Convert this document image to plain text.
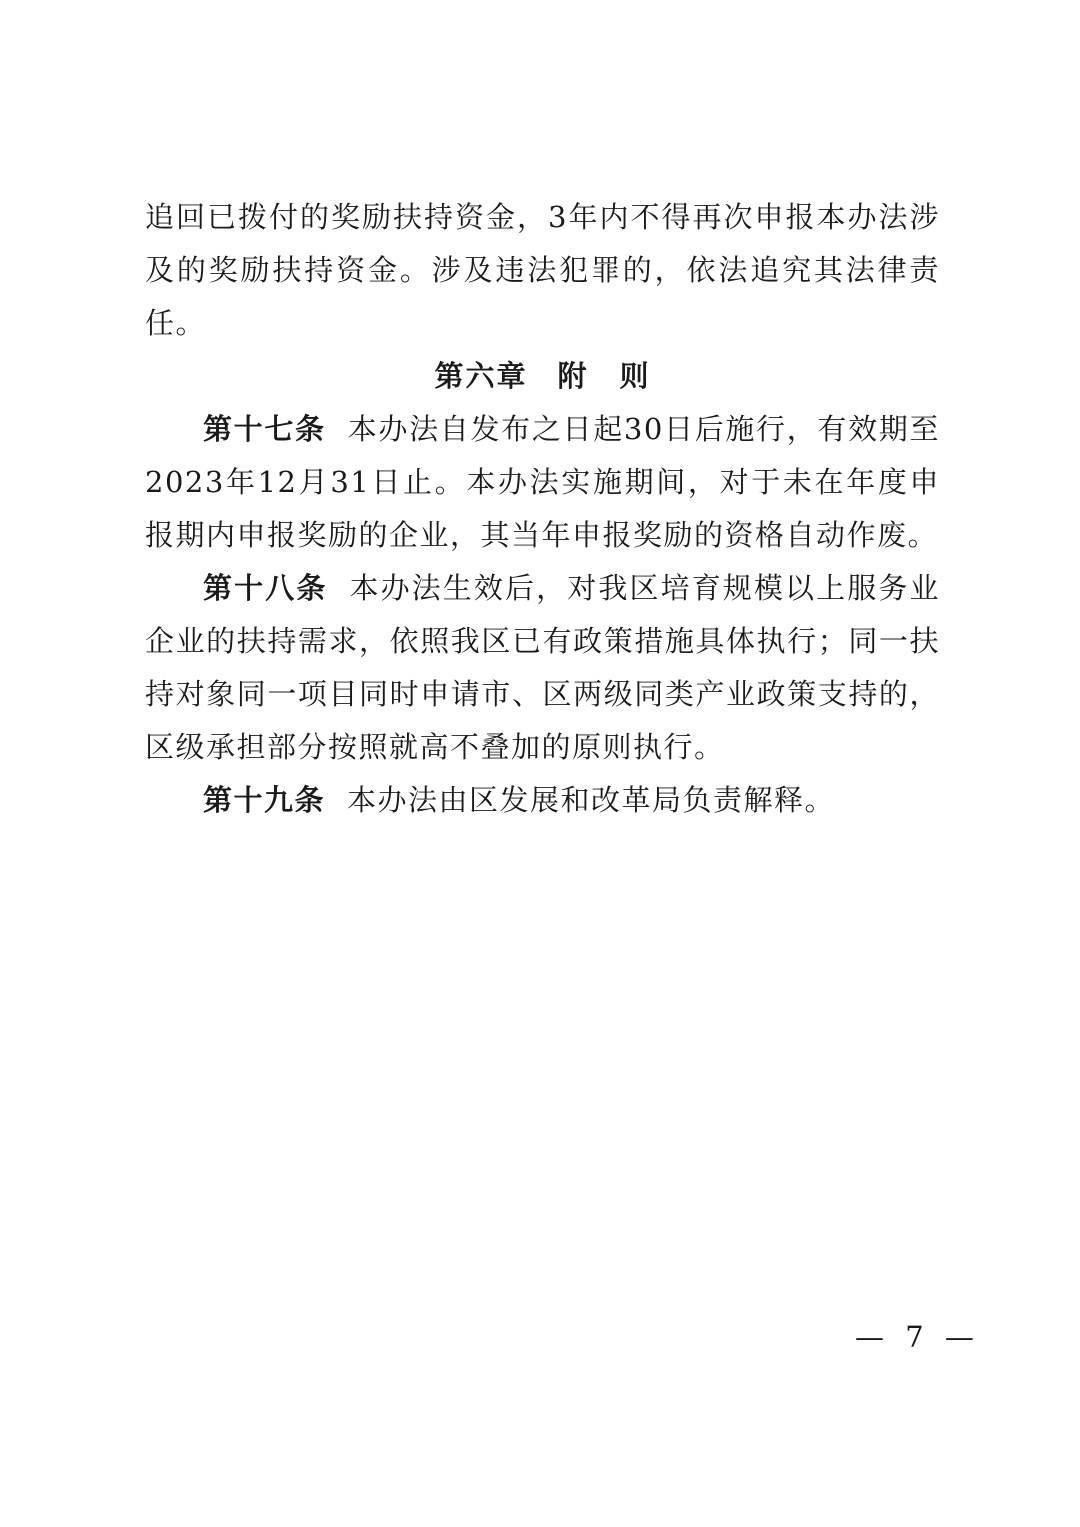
追回已拨付的奖励扶持资金，3年内不得再次申报本办法涉及的奖励扶持资金。涉及违法犯罪的，依法追究其法律责任。

第六章 附　则

第十七条 本办法自发布之日起30日后施行，有效期至2023年12月31日止。本办法实施期间，对于未在年度申报期内申报奖励的企业，其当年申报奖励的资格自动作废。

第十八条 本办法生效后，对我区培育规模以上服务业企业的扶持需求，依照我区已有政策措施具体执行；同一扶持对象同一项目同时申请市、区两级同类产业政策支持的，区级承担部分按照就高不叠加的原则执行。

第十九条 本办法由区发展和改革局负责解释。

— 7 —
